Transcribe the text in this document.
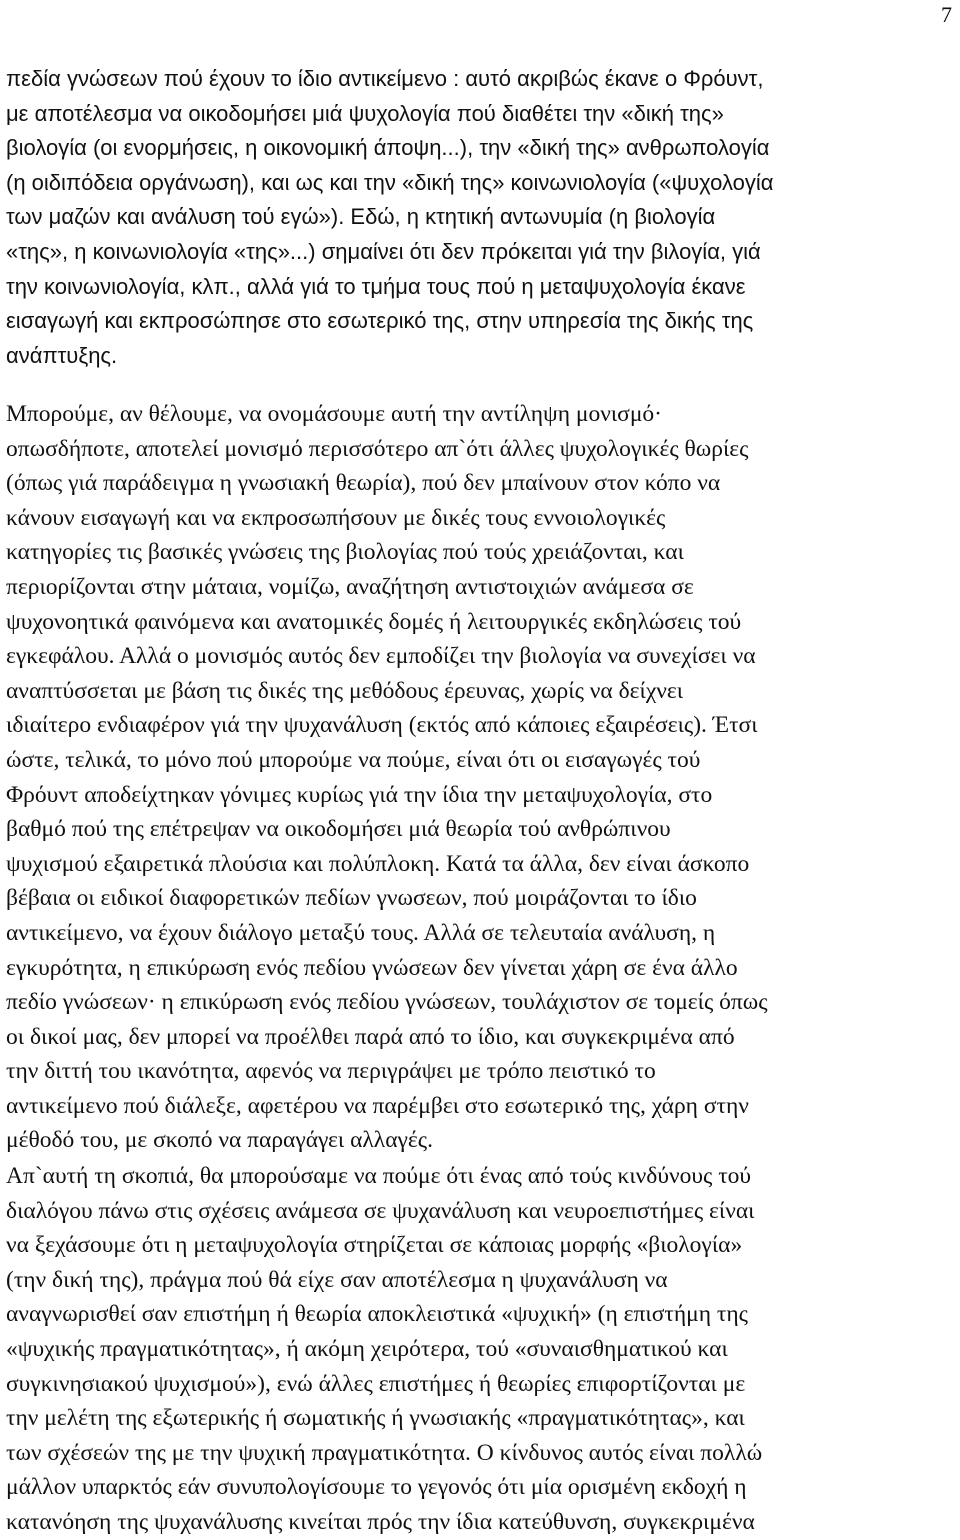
7
πεδία γνώσεων πού έχουν το ίδιο αντικείμενο : αυτό ακριβώς έκανε ο Φρόυντ,
με αποτέλεσμα να οικοδομήσει μιά ψυχολογία πού διαθέτει την «δική της»
βιολογία (οι ενορμήσεις, η οικονομική άποψη...), την «δική της» ανθρωπολογία
(η οιδιπόδεια οργάνωση), και ως και την «δική της» κοινωνιολογία («ψυχολογία
των μαζών και ανάλυση τού εγώ»). Εδώ, η κτητική αντωνυμία (η βιολογία
«της», η κοινωνιολογία «της»...) σημαίνει ότι δεν πρόκειται γιά την βιλογία, γιά
την κοινωνιολογία, κλπ., αλλά γιά το τμήμα τους πού η μεταψυχολογία έκανε
εισαγωγή και εκπροσώπησε στο εσωτερικό της, στην υπηρεσία της δικής της
ανάπτυξης.
Μπορούμε, αν θέλουμε, να ονομάσουμε αυτή την αντίληψη μονισμό·
οπωσδήποτε, αποτελεί μονισμό περισσότερο απ`ότι άλλες ψυχολογικές θωρίες
(όπως γιά παράδειγμα η γνωσιακή θεωρία), πού δεν μπαίνουν στον κόπο να
κάνουν εισαγωγή και να εκπροσωπήσουν με δικές τους εννοιολογικές
κατηγορίες τις βασικές γνώσεις της βιολογίας πού τούς χρειάζονται, και
περιορίζονται στην μάταια, νομίζω, αναζήτηση αντιστοιχιών ανάμεσα σε
ψυχονοητικά φαινόμενα και ανατομικές δομές ή λειτουργικές εκδηλώσεις τού
εγκεφάλου. Αλλά ο μονισμός αυτός δεν εμποδίζει την βιολογία να συνεχίσει να
αναπτύσσεται με βάση τις δικές της μεθόδους έρευνας, χωρίς να δείχνει
ιδιαίτερο ενδιαφέρον γιά την ψυχανάλυση (εκτός από κάποιες εξαιρέσεις). Έτσι
ώστε, τελικά, το μόνο πού μπορούμε να πούμε, είναι ότι οι εισαγωγές τού
Φρόυντ αποδείχτηκαν γόνιμες κυρίως γιά την ίδια την μεταψυχολογία, στο
βαθμό πού της επέτρεψαν να οικοδομήσει μιά θεωρία τού ανθρώπινου
ψυχισμού εξαιρετικά πλούσια και πολύπλοκη. Κατά τα άλλα, δεν είναι άσκοπο
βέβαια οι ειδικοί διαφορετικών πεδίων γνωσεων, πού μοιράζονται το ίδιο
αντικείμενο, να έχουν διάλογο μεταξύ τους. Αλλά σε τελευταία ανάλυση, η
εγκυρότητα, η επικύρωση ενός πεδίου γνώσεων δεν γίνεται χάρη σε ένα άλλο
πεδίο γνώσεων· η επικύρωση ενός πεδίου γνώσεων, τουλάχιστον σε τομείς όπως
οι δικοί μας, δεν μπορεί να προέλθει παρά από το ίδιο, και συγκεκριμένα από
την διττή του ικανότητα, αφενός να περιγράψει με τρόπο πειστικό το
αντικείμενο πού διάλεξε, αφετέρου να παρέμβει στο εσωτερικό της, χάρη στην
μέθοδό του, με σκοπό να παραγάγει αλλαγές.
Απ`αυτή τη σκοπιά, θα μπορούσαμε να πούμε ότι ένας από τούς κινδύνους τού
διαλόγου πάνω στις σχέσεις ανάμεσα σε ψυχανάλυση και νευροεπιστήμες είναι
να ξεχάσουμε ότι η μεταψυχολογία στηρίζεται σε κάποιας μορφής «βιολογία»
(την δική της), πράγμα πού θά είχε σαν αποτέλεσμα η ψυχανάλυση να
αναγνωρισθεί σαν επιστήμη ή θεωρία αποκλειστικά «ψυχική» (η επιστήμη της
«ψυχικής πραγματικότητας», ή ακόμη χειρότερα, τού «συναισθηματικού και
συγκινησιακού ψυχισμού»), ενώ άλλες επιστήμες ή θεωρίες επιφορτίζονται με
την μελέτη της εξωτερικής ή σωματικής ή γνωσιακής «πραγματικότητας», και
των σχέσεών της με την ψυχική πραγματικότητα. Ο κίνδυνος αυτός είναι πολλώ
μάλλον υπαρκτός εάν συνυπολογίσουμε το γεγονός ότι μία ορισμένη εκδοχή η
κατανόηση της ψυχανάλυσης κινείται πρός την ίδια κατεύθυνση, συγκεκριμένα
